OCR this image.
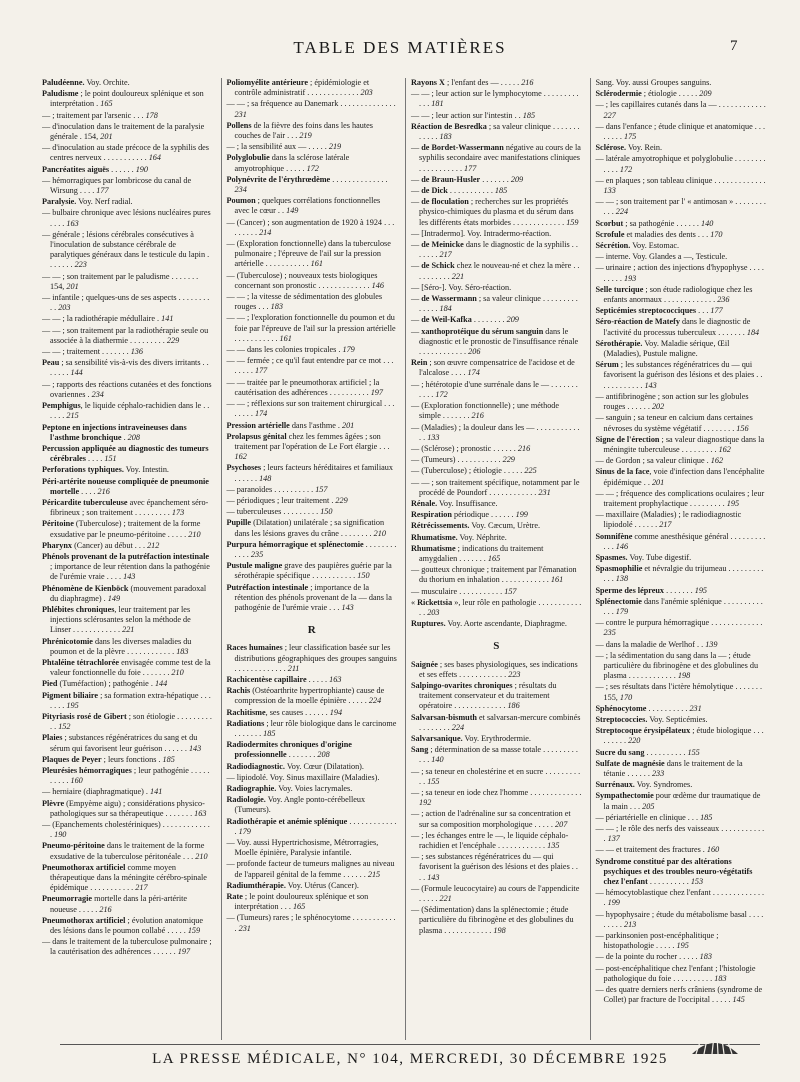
TABLE DES MATIÈRES	7
Paludéenne. Voy. Orchite.
Paludisme ; le point douloureux splénique et son interprétation . 165
— ; traitement par l'arsenic . . . 178
— d'inoculation dans le traitement de la paralysie générale . 154, 201
— d'inoculation au stade précoce de la syphilis des centres nerveux . . . . . . . . . . . 164
Pancréatites aiguës . . . . . . 190
— hémorragiques par lombricose du canal de Wirsung . . . . 177
Paralysie. Voy. Nerf radial.
— bulbaire chronique avec lésions nucléaires pures . . . . 163
— générale ; lésions cérébrales consécutives à l'inoculation de substance cérébrale de paralytiques généraux dans le testicule du lapin . . . . . . . 223
— — ; son traitement par le paludisme . . . . . . . 154, 201
— infantile ; quelques-uns de ses aspects . . . . . . . . . . 203
— — ; la radiothérapie médullaire . 141
— — ; son traitement par la radiothérapie seule ou associée à la diathermie . . . . . . . . . 229
— — ; traitement . . . . . . . 136
Peau ; sa sensibilité vis-à-vis des divers irritants . . . . . . . 144
— ; rapports des réactions cutanées et des fonctions ovariennes . 234
Pemphigus, le liquide céphalo-rachidien dans le . . . . . . 215
Peptone en injections intraveineuses dans l'asthme bronchique . 208
Percussion appliquée au diagnostic des tumeurs cérébrales . . . . 151
Perforations typhiques. Voy. Intestin.
Péri-artérite noueuse compliquée de pneumonie mortelle . . . . 216
Péricardite tuberculeuse avec épanchement séro-fibrineux ; son traitement . . . . . . . . . 173
Péritoine (Tuberculose) ; traitement de la forme exsudative par le pneumo-péritoine . . . . . 210
Pharynx (Cancer) au début . . . 212
Phénols provenant de la putréfaction intestinale ; importance de leur rétention dans la pathogénie de l'urémie vraie . . . . 143
Phénomène de Kienböck (mouvement paradoxal du diaphragme) . 149
Phlébites chroniques, leur traitement par les injections sclérosantes selon la méthode de Linser . . . . . . . . . . . . 221
Phrénicotomie dans les diverses maladies du poumon et de la plèvre . . . . . . . . . . . . 183
Phtaléine tétrachlorée envisagée comme test de la valeur fonctionnelle du foie . . . . . . . 210
Pied (Tuméfaction) ; pathogénie . 144
Pigment biliaire ; sa formation extra-hépatique . . . . . . . 195
Pityriasis rosé de Gibert ; son étiologie . . . . . . . . . . . 152
Plaies ; substances régénératrices du sang et du sérum qui favorisent leur guérison . . . . . . 143
Plaques de Peyer ; leurs fonctions . 185
Pleurésies hémorragiques ; leur pathogénie . . . . . . . . . . 160
— herniaire (diaphragmatique) . 141
Plèvre (Empyème aigu) ; considérations physico-pathologiques sur sa thérapeutique . . . . . . . 163
— (Epanchements cholestériniques) . . . . . . . . . . . . . 190
Pneumo-péritoine dans le traitement de la forme exsudative de la tuberculose péritonéale . . . 210
Pneumothorax artificiel comme moyen thérapeutique dans la méningite cérébro-spinale épidémique . . . . . . . . . . . 217
Pneumorragie mortelle dans la péri-artérite noueuse . . . . . 216
Pneumothorax artificiel ; évolution anatomique des lésions dans le poumon collabé . . . . . 159
— dans le traitement de la tuberculose pulmonaire ; la cautérisation des adhérences . . . . . . 197
Poliomyélite antérieure ; épidémiologie et contrôle administratif . . . . . . . . . . . . . 203
— — ; sa fréquence au Danemark . . . . . . . . . . . . . . 231
Pollens de la fièvre des foins dans les hautes couches de l'air . . . 219
— ; la sensibilité aux — . . . . . 219
Polyglobulie dans la sclérose latérale amyotrophique . . . . . 172
Polynévrite de l'érythrœdème . . . . . . . . . . . . . . 234
Poumon ; quelques corrélations fonctionnelles avec le cœur . . 149
— (Cancer) ; son augmentation de 1920 à 1924 . . . . . . . . . 214
— (Exploration fonctionnelle) dans la tuberculose pulmonaire ; l'épreuve de l'ail sur la pression artérielle . . . . . . . . . . . 161
— (Tuberculose) ; nouveaux tests biologiques concernant son pronostic . . . . . . . . . . . . . 146
— — ; la vitesse de sédimentation des globules rouges . . . 183
— — ; l'exploration fonctionnelle du poumon et du foie par l'épreuve de l'ail sur la pression artérielle . . . . . . . . . . . 161
— — dans les colonies tropicales . 179
— — fermée ; ce qu'il faut entendre par ce mot . . . . . . . . 177
— — traitée par le pneumothorax artificiel ; la cautérisation des adhérences . . . . . . . . . . 197
— — ; réflexions sur son traitement chirurgical . . . . . . . . 174
Pression artérielle dans l'asthme . 201
Prolapsus génital chez les femmes âgées ; son traitement par l'opération de Le Fort élargie . . . 162
Psychoses ; leurs facteurs héréditaires et familiaux . . . . . . 148
— paranoïdes . . . . . . . . . . 157
— périodiques ; leur traitement . 229
— tuberculeuses . . . . . . . . . 150
Pupille (Dilatation) unilatérale ; sa signification dans les lésions graves du crâne . . . . . . . . 210
Purpura hémorragique et splénectomie . . . . . . . . . . . . 235
Pustule maligne grave des paupières guérie par la sérothérapie spécifique . . . . . . . . . . . 150
Putréfaction intestinale ; importance de la rétention des phénols provenant de la — dans la pathogénie de l'urémie vraie . . . 143
R
Races humaines ; leur classification basée sur les distributions géographiques des groupes sanguins . . . . . . . . . . . . . 211
Rachicentèse capillaire . . . . . 163
Rachis (Ostéoarthrite hypertrophiante) cause de compression de la moelle épinière . . . . . 224
Rachitisme, ses causes . . . . . . 194
Radiations ; leur rôle biologique dans le carcinome . . . . . . . 185
Radiodermites chroniques d'origine professionnelle . . . . . . . 208
Radiodiagnostic. Voy. Cœur (Dilatation).
— lipiodolé. Voy. Sinus maxillaire (Maladies).
Radiographie. Voy. Voies lacrymales.
Radiologie. Voy. Angle ponto-cérébelleux (Tumeurs).
Radiothérapie et anémie splénique . . . . . . . . . . . . . 179
— Voy. aussi Hypertrichosisme, Métrorragies, Moelle épinière, Paralysie infantile.
— profonde facteur de tumeurs malignes au niveau de l'appareil génital de la femme . . . . . . 215
Radiumthérapie. Voy. Utérus (Cancer).
Rate ; le point douloureux splénique et son interprétation . . . 165
— (Tumeurs) rares ; le sphénocytome . . . . . . . . . . . . 231
Rayons X ; l'enfant des — . . . . . 216
— — ; leur action sur le lymphocytome . . . . . . . . . . . . 181
— — ; leur action sur l'intestin . . 185
Réaction de Besredka ; sa valeur clinique . . . . . . . . . . . . 183
— de Bordet-Wassermann négative au cours de la syphilis secondaire avec manifestations cliniques . . . . . . . . . . . 177
— de Braun-Husler . . . . . . . 209
— de Dick . . . . . . . . . . . 185
— de floculation ; recherches sur les propriétés physico-chimiques du plasma et du sérum dans les différents états morbides . . . . . . . . . . . . . 159
— [Intradermo]. Voy. Intradermo-réaction.
— de Meinicke dans le diagnostic de la syphilis . . . . . . . 217
— de Schick chez le nouveau-né et chez la mère . . . . . . . . . . 221
— [Séro-]. Voy. Séro-réaction.
— de Wassermann ; sa valeur clinique . . . . . . . . . . . . . . 184
— de Weil-Kafka . . . . . . . . 209
— xanthoprotéique du sérum sanguin dans le diagnostic et le pronostic de l'insuffisance rénale . . . . . . . . . . . . 206
Rein ; son œuvre compensatrice de l'acidose et de l'alcalose . . . . 174
— ; hétérotopie d'une surrénale dans le — . . . . . . . . . . . 172
— (Exploration fonctionnelle) ; une méthode simple . . . . . . . 216
— (Maladies) ; la douleur dans les — . . . . . . . . . . . . . 133
— (Sclérose) ; pronostic . . . . . . 216
— (Tumeurs) . . . . . . . . . . . 229
— (Tuberculose) ; étiologie . . . . . 225
— — ; son traitement spécifique, notamment par le procédé de Poundorf . . . . . . . . . . . . 231
Rénale. Voy. Insuffisance.
Respiration périodique . . . . . . 199
Rétrécissements. Voy. Cæcum, Urètre.
Rhumatisme. Voy. Néphrite.
Rhumatisme ; indications du traitement amygdalien . . . . . . . 165
— goutteux chronique ; traitement par l'émanation du thorium en inhalation . . . . . . . . . . . . 161
— musculaire . . . . . . . . . . . 157
« Rickettsia », leur rôle en pathologie . . . . . . . . . . . . . 203
Ruptures. Voy. Aorte ascendante, Diaphragme.
S
Saignée ; ses bases physiologiques, ses indications et ses effets . . . . . . . . . . . . 223
Salpingo-ovarites chroniques ; résultats du traitement conservateur et du traitement opératoire . . . . . . . . . . . . . 186
Salvarsan-bismuth et salvarsan-mercure combinés . . . . . . . . 224
Salvarsanique. Voy. Erythrodermie.
Sang ; détermination de sa masse totale . . . . . . . . . . . . 140
— ; sa teneur en cholestérine et en sucre . . . . . . . . . . . 155
— ; sa teneur en iode chez l'homme . . . . . . . . . . . . . 192
— ; action de l'adrénaline sur sa concentration et sur sa composition morphologique . . . . . 207
— ; les échanges entre le —, le liquide céphalo-rachidien et l'encéphale . . . . . . . . . . . . 135
— ; ses substances régénératrices du — qui favorisent la guérison des lésions et des plaies . . . . 143
— (Formule leucocytaire) au cours de l'appendicite . . . . . 221
— (Sédimentation) dans la splénectomie ; étude particulière du fibrinogène et des globulines du plasma . . . . . . . . . . . . 198
Sang. Voy. aussi Groupes sanguins.
Sclérodermie ; étiologie . . . . . 209
— ; les capillaires cutanés dans la — . . . . . . . . . . . . 227
— dans l'enfance ; étude clinique et anatomique . . . . . . . . 175
Sclérose. Voy. Rein.
— latérale amyotrophique et polyglobulie . . . . . . . . . . . . 172
— en plaques ; son tableau clinique . . . . . . . . . . . . . 133
— — ; son traitement par l' « antimosan » . . . . . . . . . . . 224
Scorbut ; sa pathogénie . . . . . . 140
Scrofule et maladies des dents . . . 170
Sécrétion. Voy. Estomac.
— interne. Voy. Glandes a —, Testicule.
— urinaire ; action des injections d'hypophyse . . . . . . . . . 193
Selle turcique ; son étude radiologique chez les enfants anormaux . . . . . . . . . . . . . 236
Septicémies streptococciques . . . 177
Séro-réaction de Matefy dans le diagnostic de l'activité du processus tuberculeux . . . . . . . 184
Sérothérapie. Voy. Maladie sérique, Œil (Maladies), Pustule maligne.
Sérum ; les substances régénératrices du — qui favorisent la guérison des lésions et des plaies . . . . . . . . . . . . 143
— antifibrinogène ; son action sur les globules rouges . . . . . . 202
— sanguin ; sa teneur en calcium dans certaines névroses du système végétatif . . . . . . . . 156
Signe de l'érection ; sa valeur diagnostique dans la méningite tuberculeuse . . . . . . . . . 162
— de Gordon ; sa valeur clinique . 162
Sinus de la face, voie d'infection dans l'encéphalite épidémique . . 201
— — ; fréquence des complications oculaires ; leur traitement prophylactique . . . . . . . . . 195
— maxillaire (Maladies) ; le radiodiagnostic lipiodolé . . . . . . 217
Somnifène comme anesthésique général . . . . . . . . . . . . 146
Spasmes. Voy. Tube digestif.
Spasmophilie et névralgie du trijumeau . . . . . . . . . . . . 138
Sperme des lépreux . . . . . . . 195
Splénectomie dans l'anémie splénique . . . . . . . . . . . . . 179
— contre le purpura hémorragique . . . . . . . . . . . . . 235
— dans la maladie de Werlhof . . 139
— ; la sédimentation du sang dans la — ; étude particulière du fibrinogène et des globulines du plasma . . . . . . . . . . . . 198
— ; ses résultats dans l'ictère hémolytique . . . . . . . 155, 170
Sphénocytome . . . . . . . . . . 231
Streptococcies. Voy. Septicémies.
Streptocoque érysipélateux ; étude biologique . . . . . . . . . 220
Sucre du sang . . . . . . . . . . 155
Sulfate de magnésie dans le traitement de la tétanie . . . . . . 233
Surrénaux. Voy. Syndromes.
Sympathectomie pour œdème dur traumatique de la main . . . 205
— périartérielle en clinique . . . 185
— — ; le rôle des nerfs des vaisseaux . . . . . . . . . . . . 137
— — et traitement des fractures . 160
Syndrome constitué par des altérations psychiques et des troubles neuro-végétatifs chez l'enfant . . . . . . . . . . 153
— hémocytoblastique chez l'enfant . . . . . . . . . . . . . . 199
— hypophysaire ; étude du métabolisme basal . . . . . . . . . 213
— parkinsonien post-encéphalitique ; histopathologie . . . . . 195
— de la pointe du rocher . . . . . 183
— post-encéphalitique chez l'enfant ; l'histologie pathologique du foie . . . . . . . . . . 183
— des quatre derniers nerfs crâniens (syndrome de Collet) par fracture de l'occipital . . . . . 145
LA PRESSE MÉDICALE, N° 104, MERCREDI, 30 DÉCEMBRE 1925
